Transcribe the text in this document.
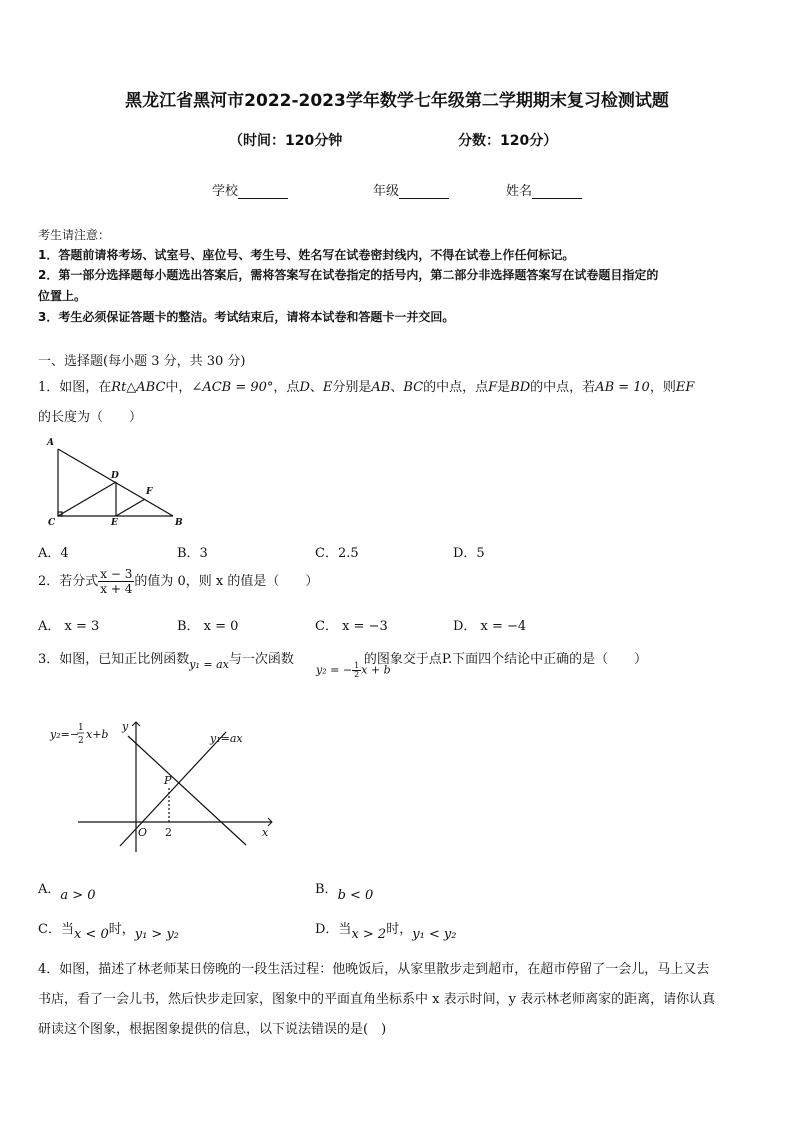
黑龙江省黑河市2022-2023学年数学七年级第二学期期末复习检测试题
（时间：120分钟	分数：120分）
学校	年级	姓名
考生请注意：
1．答题前请将考场、试室号、座位号、考生号、姓名写在试卷密封线内，不得在试卷上作任何标记。
2．第一部分选择题每小题选出答案后，需将答案写在试卷指定的括号内，第二部分非选择题答案写在试卷题目指定的
位置上。
3．考生必须保证答题卡的整洁。考试结束后，请将本试卷和答题卡一并交回。
一、选择题(每小题 3 分，共 30 分)
1．如图，在Rt△ABC中，∠ACB = 90°，点D、E分别是AB、BC的中点，点F是BD的中点，若AB = 10，则EF
的长度为（　　）
A
C	B
D
E
F
A．4	B．3	C．2.5	D．5
2．若分式 $\frac{x - 3}{x + 4}$ 的值为 0，则 x 的值是（　　）
A． x = 3	B． x = 0	C． x = −3	D． x = −4
3．如图，已知正比例函数$_{y_1 = ax}$与一次函数	的图象交于点P.下面四个结论中正确的是（　　）
y₂ = − $\frac{1}{2}$ x + b
y₂=−
1
2 x+b	y₁=ax
y
x
O
P
2
A．a > 0	B．b < 0
C．当x < 0时，y₁ > y₂	D．当x > 2时，y₁ < y₂
4．如图，描述了林老师某日傍晚的一段生活过程：他晚饭后，从家里散步走到超市，在超市停留了一会儿，马上又去
书店，看了一会儿书，然后快步走回家，图象中的平面直角坐标系中 x 表示时间，y 表示林老师离家的距离，请你认真
研读这个图象，根据图象提供的信息，以下说法错误的是(　)
